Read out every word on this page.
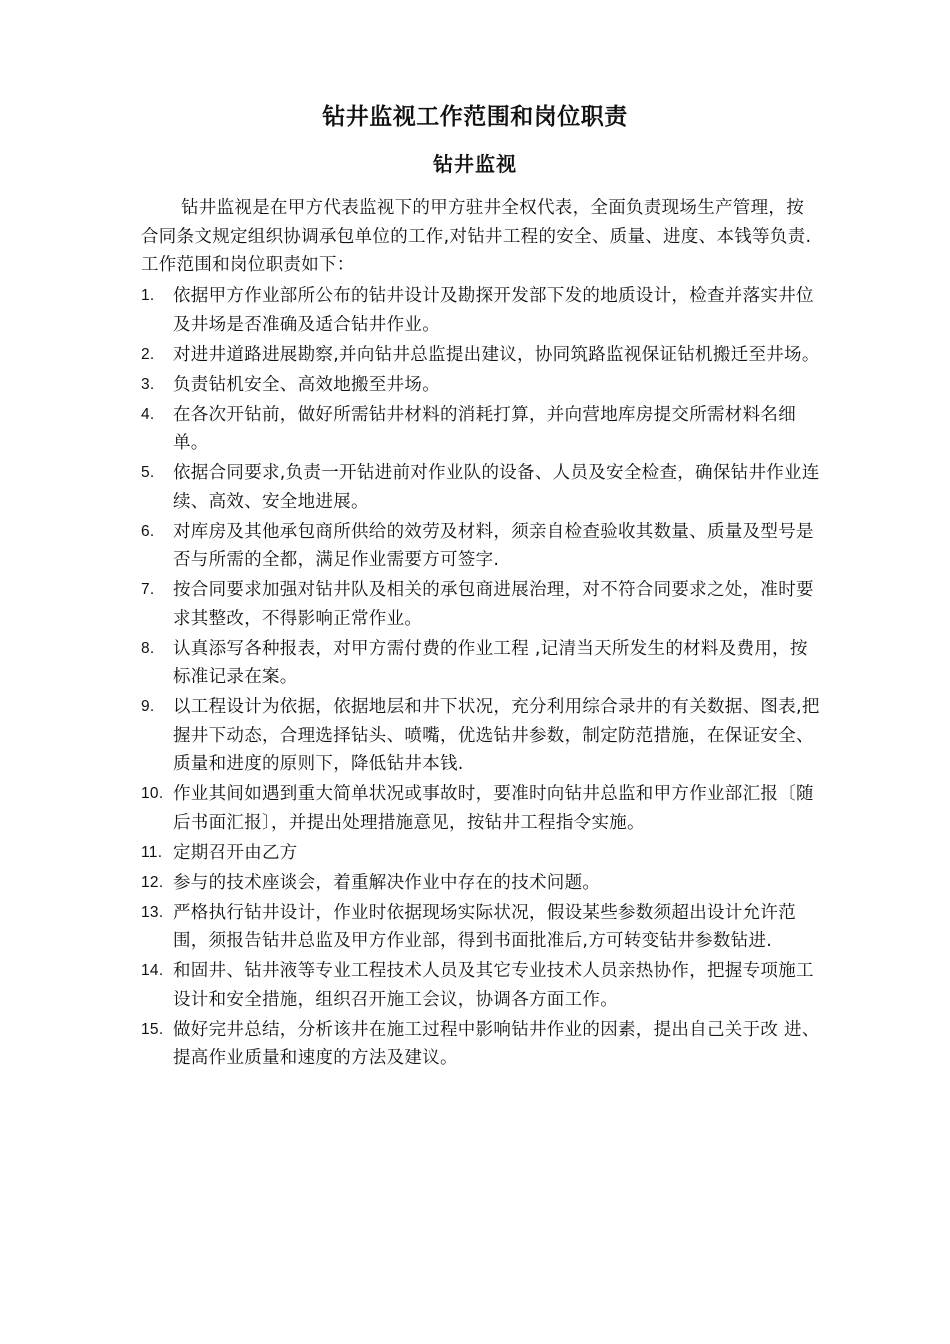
钻井监视工作范围和岗位职责
钻井监视
钻井监视是在甲方代表监视下的甲方驻井全权代表，全面负责现场生产管理，按合同条文规定组织协调承包单位的工作,对钻井工程的安全、质量、进度、本钱等负责.工作范围和岗位职责如下：
1.	依据甲方作业部所公布的钻井设计及勘探开发部下发的地质设计，检查并落实井位及井场是否准确及适合钻井作业。
2.	对进井道路进展勘察,并向钻井总监提出建议，协同筑路监视保证钻机搬迁至井场。
3.	负责钻机安全、高效地搬至井场。
4.	在各次开钻前，做好所需钻井材料的消耗打算，并向营地库房提交所需材料名细单。
5.	依据合同要求,负责一开钻进前对作业队的设备、人员及安全检查，确保钻井作业连续、高效、安全地进展。
6.	对库房及其他承包商所供给的效劳及材料，须亲自检查验收其数量、质量及型号是否与所需的全都，满足作业需要方可签字.
7.	按合同要求加强对钻井队及相关的承包商进展治理，对不符合同要求之处，准时要求其整改，不得影响正常作业。
8.	认真添写各种报表，对甲方需付费的作业工程 ,记清当天所发生的材料及费用，按标准记录在案。
9.	以工程设计为依据，依据地层和井下状况，充分利用综合录井的有关数据、图表,把握井下动态，合理选择钻头、喷嘴，优选钻井参数，制定防范措施，在保证安全、质量和进度的原则下，降低钻井本钱.
10. 作业其间如遇到重大简单状况或事故时，要准时向钻井总监和甲方作业部汇报〔随后书面汇报〕，并提出处理措施意见，按钻井工程指令实施。
11. 定期召开由乙方
12. 参与的技术座谈会，着重解决作业中存在的技术问题。
13. 严格执行钻井设计，作业时依据现场实际状况，假设某些参数须超出设计允许范围，须报告钻井总监及甲方作业部，得到书面批准后,方可转变钻井参数钻进.
14. 和固井、钻井液等专业工程技术人员及其它专业技术人员亲热协作，把握专项施工设计和安全措施，组织召开施工会议，协调各方面工作。
15. 做好完井总结，分析该井在施工过程中影响钻井作业的因素，提出自己关于改 进、提高作业质量和速度的方法及建议。
